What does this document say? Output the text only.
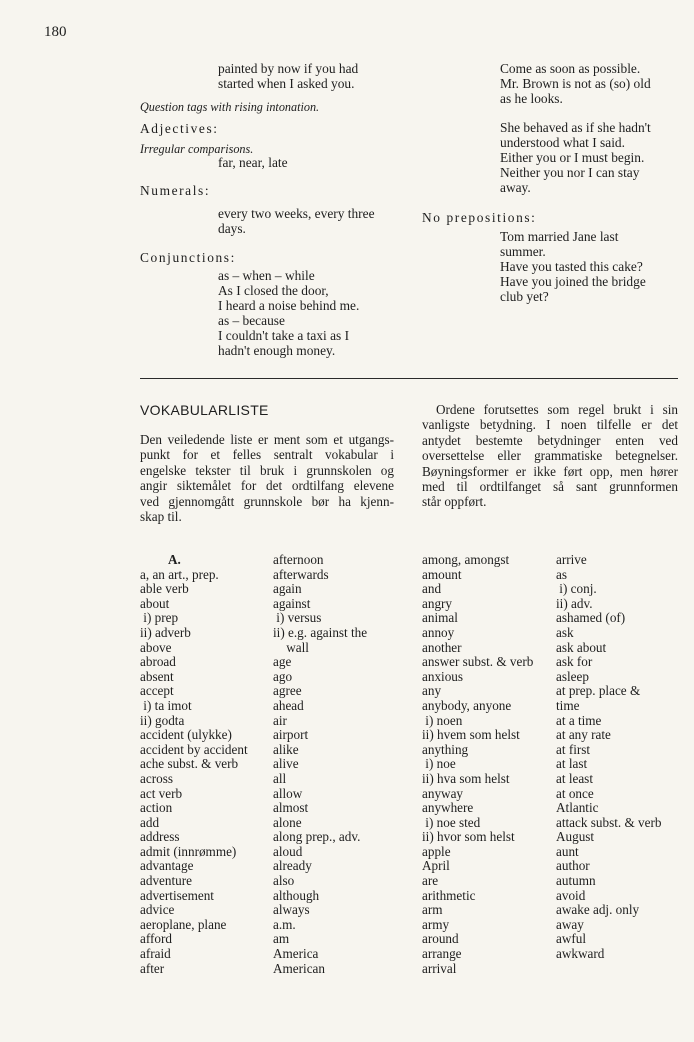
180
painted by now if you had
started when I asked you.
Question tags with rising intonation.
Adjectives:
Irregular comparisons.
far, near, late
Numerals:
every two weeks, every three
days.
Conjunctions:
as – when – while
As I closed the door,
I heard a noise behind me.
as – because
I couldn't take a taxi as I
hadn't enough money.
Come as soon as possible.
Mr. Brown is not as (so) old
as he looks.
She behaved as if she hadn't
understood what I said.
Either you or I must begin.
Neither you nor I can stay
away.
No prepositions:
Tom married Jane last
summer.
Have you tasted this cake?
Have you joined the bridge
club yet?
VOKABULARLISTE
Den veiledende liste er ment som et utgangs-
punkt for et felles sentralt vokabular i
engelske tekster til bruk i grunnskolen og
angir siktemålet for det ordtilfang elevene
ved gjennomgått grunnskole bør ha kjenn-
skap til.
Ordene forutsettes som regel brukt i sin
vanligste betydning. I noen tilfelle er det
antydet bestemte betydninger enten ved
oversettelse eller grammatiske betegnelser.
Bøyningsformer er ikke ført opp, men hører
med til ordtilfanget så sant grunnformen
står oppført.
A.
a, an art., prep.
able verb
about
i) prep
ii) adverb
above
abroad
absent
accept
i) ta imot
ii) godta
accident (ulykke)
accident by accident
ache subst. & verb
across
act verb
action
add
address
admit (innrømme)
advantage
adventure
advertisement
advice
aeroplane, plane
afford
afraid
after
afternoon
afterwards
again
against
i) versus
ii) e.g. against the
wall
age
ago
agree
ahead
air
airport
alike
alive
all
allow
almost
alone
along prep., adv.
aloud
already
also
although
always
a.m.
am
America
American
among, amongst
amount
and
angry
animal
annoy
another
answer subst. & verb
anxious
any
anybody, anyone
i) noen
ii) hvem som helst
anything
i) noe
ii) hva som helst
anyway
anywhere
i) noe sted
ii) hvor som helst
apple
April
are
arithmetic
arm
army
around
arrange
arrival
arrive
as
i) conj.
ii) adv.
ashamed (of)
ask
ask about
ask for
asleep
at prep. place &
time
at a time
at any rate
at first
at last
at least
at once
Atlantic
attack subst. & verb
August
aunt
author
autumn
avoid
awake adj. only
away
awful
awkward
